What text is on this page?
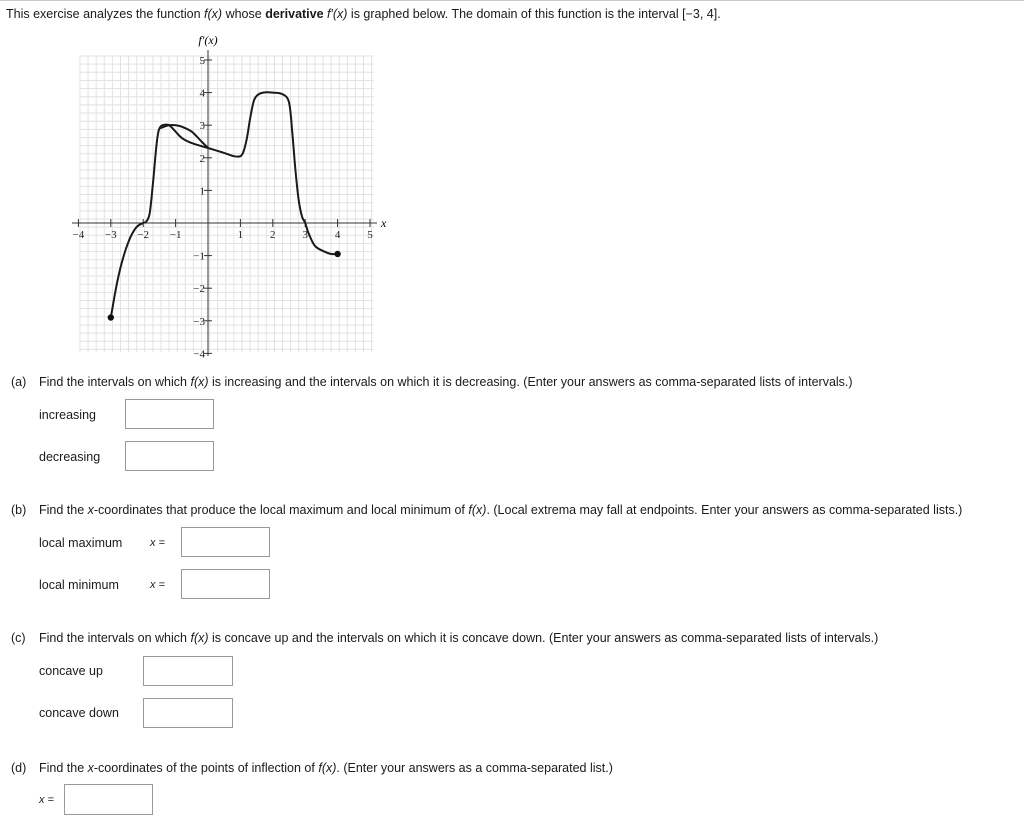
This exercise analyzes the function f(x) whose derivative f′(x) is graphed below. The domain of this function is the interval [−3, 4].
−4 −3 −2 −1	1 2 3 4 5
5
4
3
2
1
−1
−2
−3
−4
f′(x)
x
(a) Find the intervals on which f(x) is increasing and the intervals on which it is decreasing. (Enter your answers as comma-separated lists of intervals.)
increasing
decreasing
(b) Find the x-coordinates that produce the local maximum and local minimum of f(x). (Local extrema may fall at endpoints. Enter your answers as comma-separated lists.)
local maximum	x =
local minimum	x =
(c) Find the intervals on which f(x) is concave up and the intervals on which it is concave down. (Enter your answers as comma-separated lists of intervals.)
concave up
concave down
(d) Find the x-coordinates of the points of inflection of f(x). (Enter your answers as a comma-separated list.)
x =
